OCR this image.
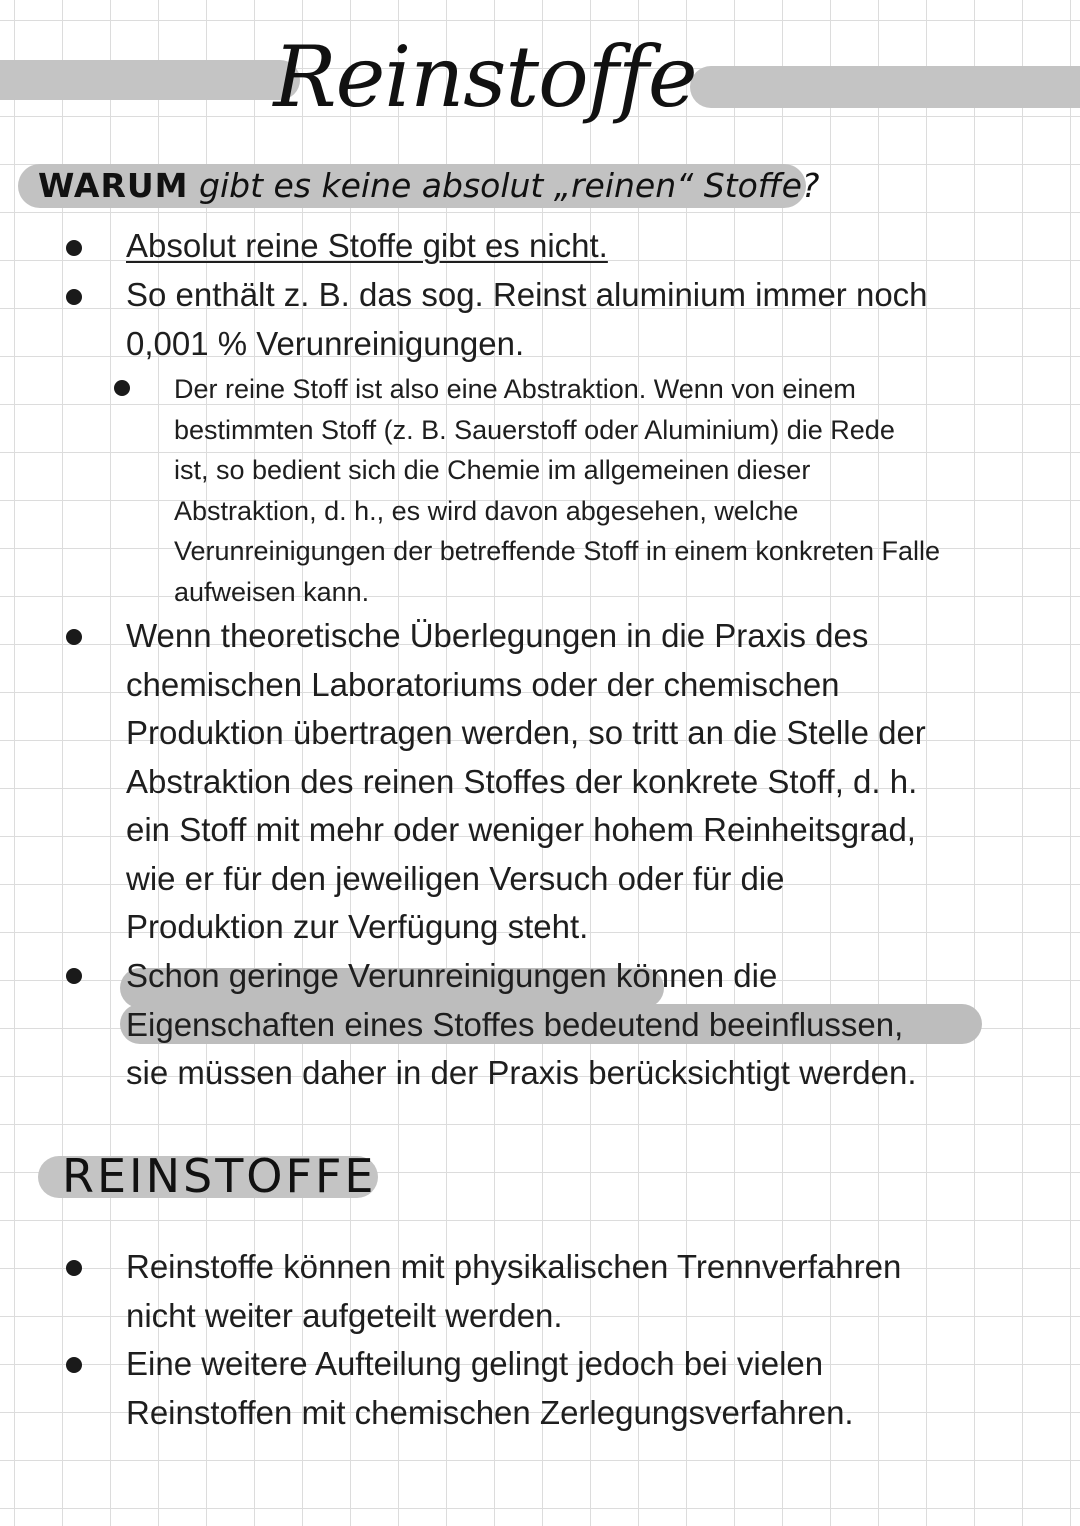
Reinstoffe
WARUM gibt es keine absolut „reinen“ Stoffe?
Absolut reine Stoffe gibt es nicht.
So enthält z. B. das sog. Reinst aluminium immer noch
0,001 % Verunreinigungen.
Der reine Stoff ist also eine Abstraktion. Wenn von einem
bestimmten Stoff (z. B. Sauerstoff oder Aluminium) die Rede
ist, so bedient sich die Chemie im allgemeinen dieser
Abstraktion, d. h., es wird davon abgesehen, welche
Verunreinigungen der betreffende Stoff in einem konkreten Falle
aufweisen kann.
Wenn theoretische Überlegungen in die Praxis des
chemischen Laboratoriums oder der chemischen
Produktion übertragen werden, so tritt an die Stelle der
Abstraktion des reinen Stoffes der konkrete Stoff, d. h.
ein Stoff mit mehr oder weniger hohem Reinheitsgrad,
wie er für den jeweiligen Versuch oder für die
Produktion zur Verfügung steht.
Schon geringe Verunreinigungen können die
Eigenschaften eines Stoffes bedeutend beeinflussen,
sie müssen daher in der Praxis berücksichtigt werden.
REINSTOFFE
Reinstoffe können mit physikalischen Trennverfahren
nicht weiter aufgeteilt werden.
Eine weitere Aufteilung gelingt jedoch bei vielen
Reinstoffen mit chemischen Zerlegungsverfahren.
